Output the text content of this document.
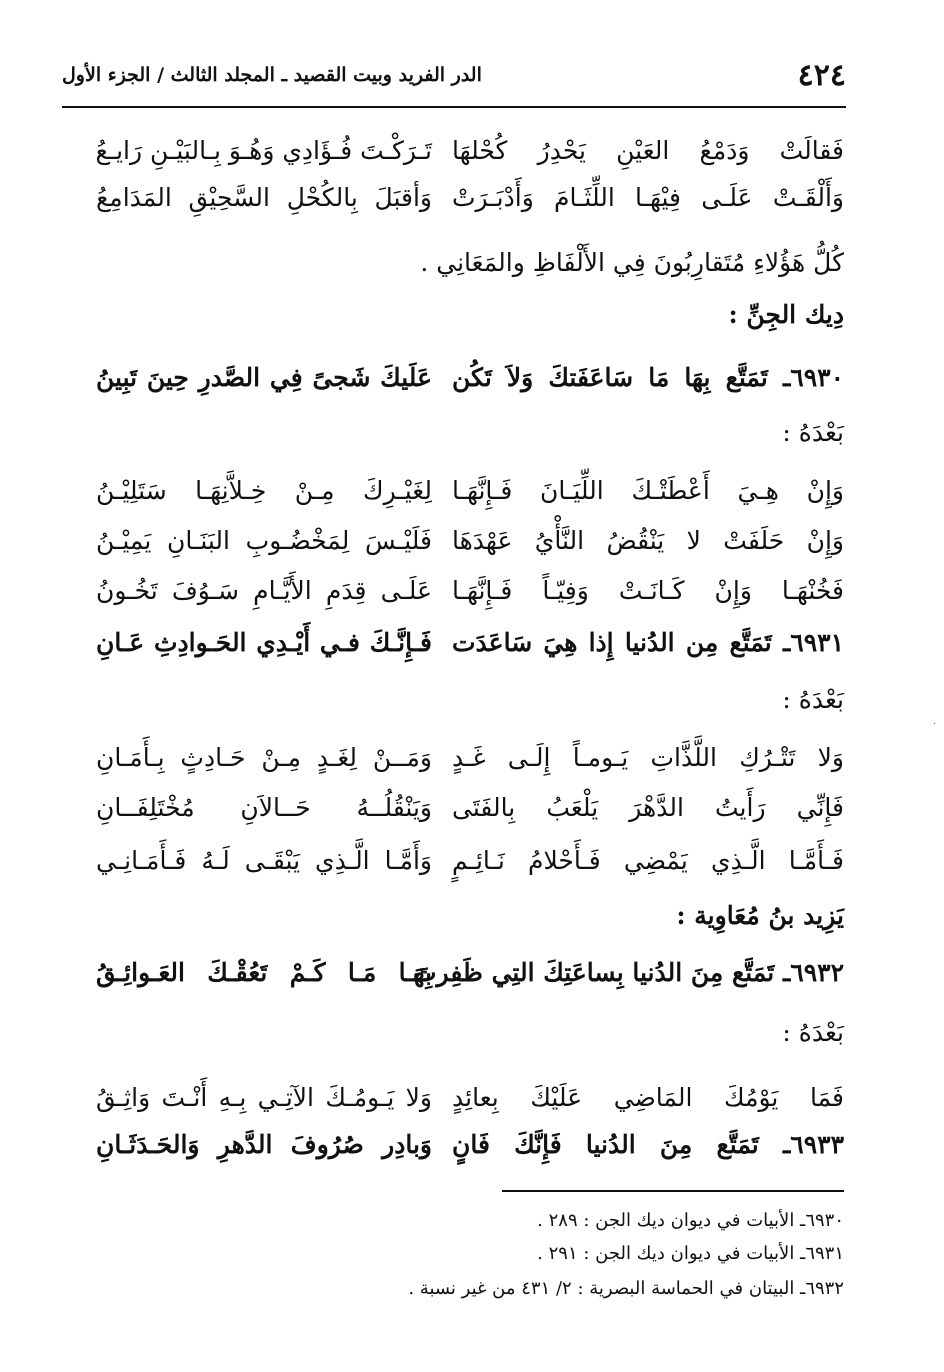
٤٢٤
الدر الفريد وبيت القصيد ـ المجلد الثالث / الجزء الأول
فَقالَتْ وَدَمْعُ العَيْنِ يَحْدِرُ كُحْلهَا
تَـرَكْـتَ فُـؤَادِي وَهُـوَ بِـالبَيْـنِ رَايـعُ
وَأَلْقَـتْ عَلَـى فِيْهَـا اللِّثَـامَ وَأَدْبَـرَتْ
وَأقبَلَ بِالكُحْلِ السَّحِيْقِ المَدَامِعُ
كُلُّ هَؤُلاءِ مُتَقارِبُونَ فِي الأَلْفَاظِ والمَعَانِي .
دِيك الجِنِّ :
٦٩٣٠ـ تَمَتَّع بِهَا مَا سَاعَفَتكَ وَلاَ تَكُن
عَلَيكَ شَجىً فِي الصَّدرِ حِينَ تَبِينُ
بَعْدَهُ :
وَإِنْ هِـيَ أَعْطَتْـكَ اللِّيَـانَ فَـإِنَّهَـا
لِغَيْـرِكَ مِـنْ خِـلاَّنِهَـا سَتَلِيْـنُ
وَإِنْ حَلَفَتْ لا يَنْقُضُ النَّأْيُ عَهْدَهَا
فَلَيْـسَ لِمَخْضُـوبِ البَنَـانِ يَمِيْـنُ
فَخُنْهَـا وَإِنْ كَـانَـتْ وَفِيّـاً فَـإِنَّهَـا
عَلَـى قِدَمِ الأَيَّـامِ سَـوُفَ تَخُـونُ
٦٩٣١ـ تَمَتَّع مِن الدُنيا إِذا هِيَ سَاعَدَت
فَـإِنَّـكَ فـي أَيْـدِي الحَـوادِثِ عَـانِ
بَعْدَهُ :
وَلا تَتْـرُكِ اللَّذَّاتِ يَـومـاً إِلَـى غَـدٍ
وَمَــنْ لِغَـدٍ مِـنْ حَـادِثٍ بِـأَمَـانِ
فَإِنِّي رَأَيتُ الدَّهْرَ يَلْعَبُ بِالفَتَى
وَيَنْقُلُــهُ حَــالاَنِ مُخْتَلِفَــانِ
فَـأَمَّـا الَّـذِي يَمْضِي فَـأَحْلامُ نَـائِـمٍ
وَأَمَّـا الَّـذِي يَبْقَـى لَـهُ فَـأَمَـانِـي
يَزِيد بنُ مُعَاوِية :
٦٩٣٢ـ تَمَتَّع مِنَ الدُنيا بِساعَتِكَ التِي ظَفِرتَ
بِهَـا مَـا كَـمْ تَعُقْـكَ العَـوائِـقُ
بَعْدَهُ :
فَمَا يَوْمُكَ المَاضِي عَلَيْكَ بِعائِدٍ
وَلا يَـومُـكَ الآتِـي بِـهِ أَنْـتَ وَاثِـقُ
٦٩٣٣ـ تَمَتَّع مِنَ الدُنيا فَإِنَّكَ فَانٍ
وَبادِر صُرُوفَ الدَّهرِ وَالحَـدَثَـانِ
٦٩٣٠ـ الأبيات في ديوان ديك الجن : ٢٨٩ .
٦٩٣١ـ الأبيات في ديوان ديك الجن : ٢٩١ .
٦٩٣٢ـ البيتان في الحماسة البصرية : ٢/ ٤٣١ من غير نسبة .
·
